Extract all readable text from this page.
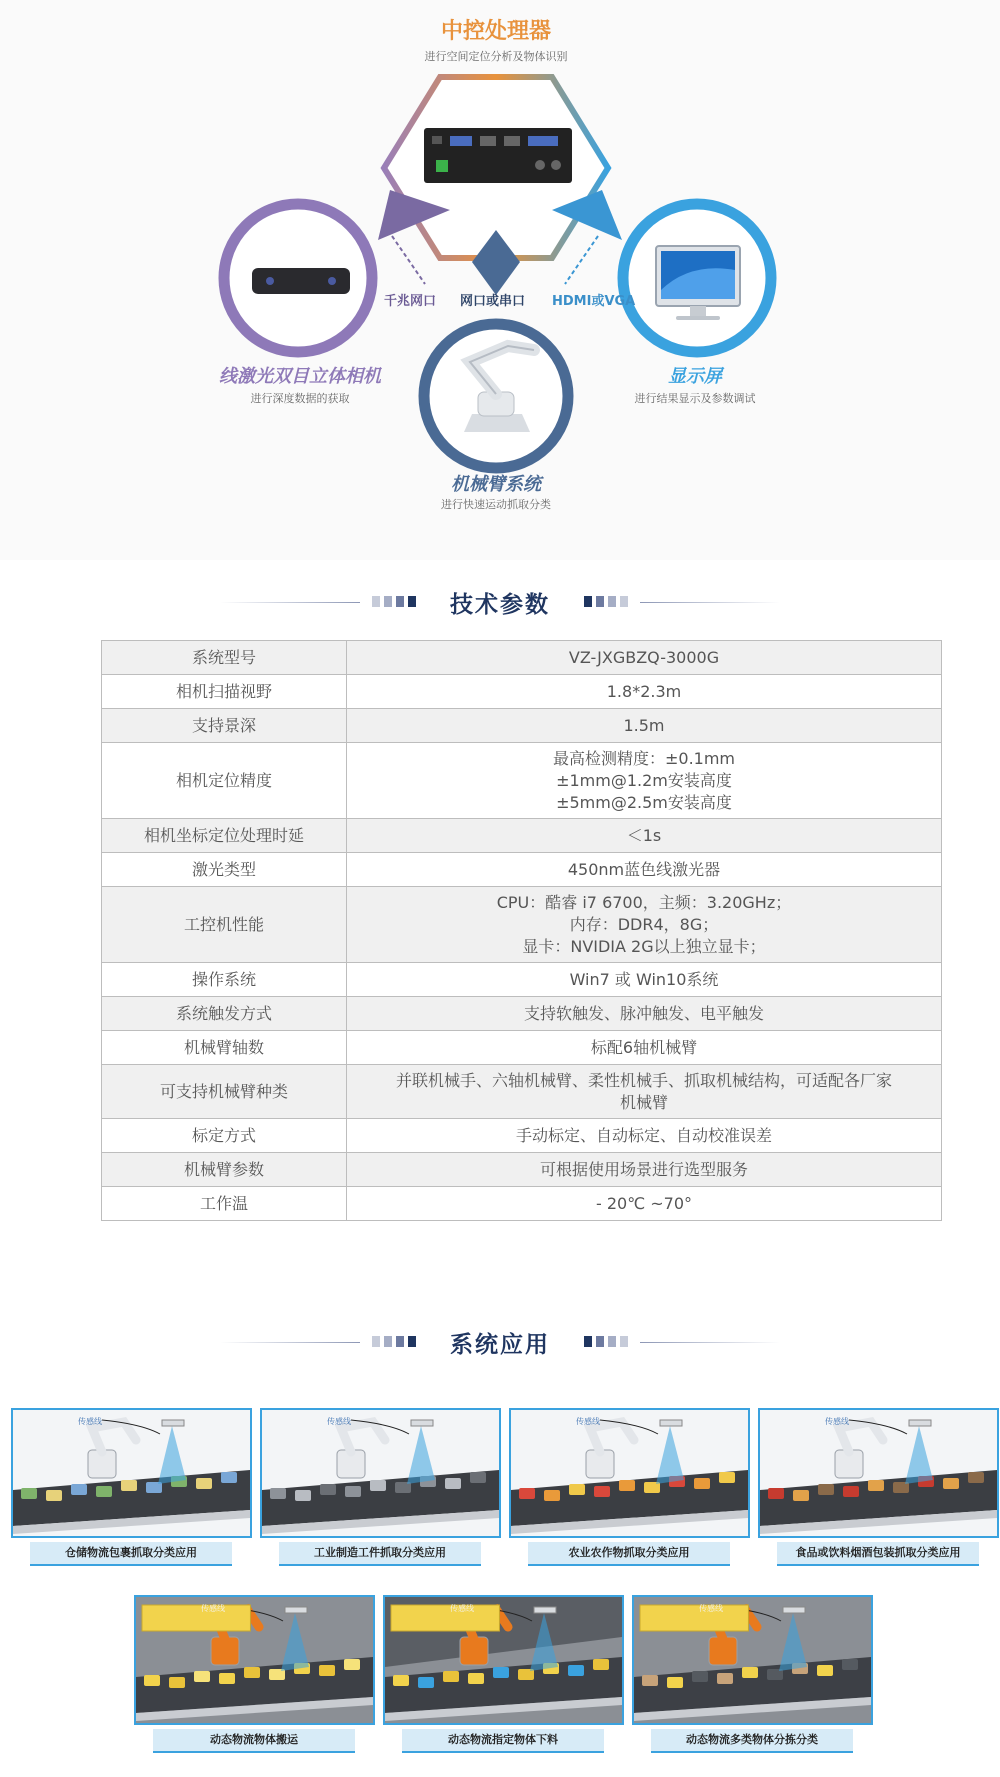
中控处理器
进行空间定位分析及物体识别
线激光双目立体相机
进行深度数据的获取
显示屏
进行结果显示及参数调试
机械臂系统
进行快速运动抓取分类
千兆网口 网口或串口 HDMI或VGA
技术参数
系统型号	VZ-JXGBZQ-3000G

相机扫描视野	1.8*2.3m

支持景深	1.5m

相机定位精度	最高检测精度：±0.1mm
±1mm@1.2m安装高度
±5mm@2.5m安装高度

相机坐标定位处理时延	＜1s

激光类型	450nm蓝色线激光器

工控机性能	CPU：酷睿 i7 6700，主频：3.20GHz；
内存：DDR4，8G；
显卡：NVIDIA 2G以上独立显卡；

操作系统	Win7 或 Win10系统

系统触发方式	支持软触发、脉冲触发、电平触发

机械臂轴数	标配6轴机械臂

可支持机械臂种类	并联机械手、六轴机械臂、柔性机械手、抓取机械结构，可适配各厂家
机械臂

标定方式	手动标定、自动标定、自动校准误差

机械臂参数	可根据使用场景进行选型服务

工作温	- 20℃ ~70°
系统应用
传感线
仓储物流包裹抓取分类应用
传感线
工业制造工件抓取分类应用
传感线
农业农作物抓取分类应用
传感线
食品或饮料烟酒包装抓取分类应用
传感线
动态物流物体搬运
传感线
动态物流指定物体下料
传感线
动态物流多类物体分拣分类
